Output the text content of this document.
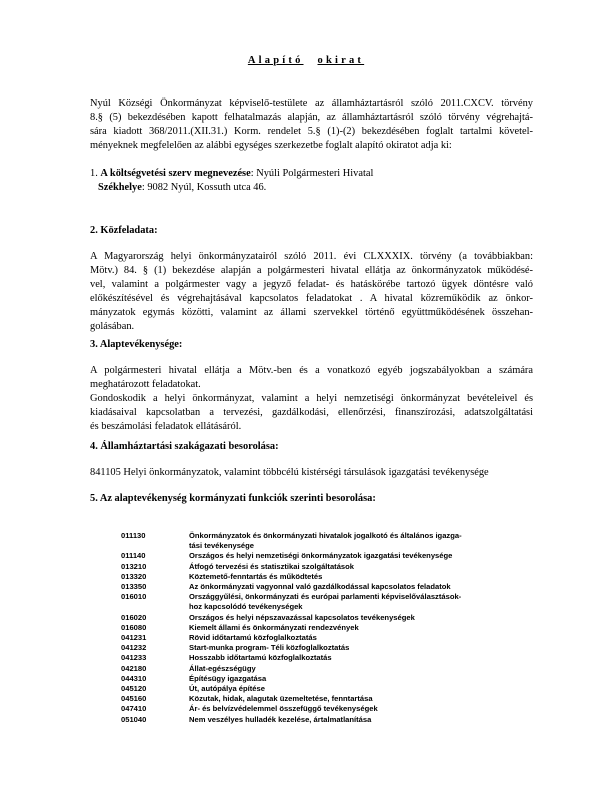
Alapító okirat
Nyúl Községi Önkormányzat képviselő-testülete az államháztartásról szóló 2011.CXCV. törvény
8.§ (5) bekezdésében kapott felhatalmazás alapján, az államháztartásról szóló törvény végrehajtá-
sára kiadott 368/2011.(XII.31.) Korm. rendelet 5.§ (1)-(2) bekezdésében foglalt tartalmi követel-
ményeknek megfelelően az alábbi egységes szerkezetbe foglalt alapító okiratot adja ki:
1. A költségvetési szerv megnevezése: Nyúli Polgármesteri Hivatal
Székhelye: 9082 Nyúl, Kossuth utca 46.
2. Közfeladata:
A Magyarország helyi önkormányzatairól szóló 2011. évi CLXXXIX. törvény (a továbbiakban:
Mötv.) 84. § (1) bekezdése alapján a polgármesteri hivatal ellátja az önkormányzatok működésé-
vel, valamint a polgármester vagy a jegyző feladat- és hatáskörébe tartozó ügyek döntésre való
előkészítésével és végrehajtásával kapcsolatos feladatokat . A hivatal közreműködik az önkor-
mányzatok egymás közötti, valamint az állami szervekkel történő együttműködésének összehan-
golásában.
3. Alaptevékenysége:
A polgármesteri hivatal ellátja a Mötv.-ben és a vonatkozó egyéb jogszabályokban a számára
meghatározott feladatokat.
Gondoskodik a helyi önkormányzat, valamint a helyi nemzetiségi önkormányzat bevételeivel és
kiadásaival kapcsolatban a tervezési, gazdálkodási, ellenőrzési, finanszírozási, adatszolgáltatási
és beszámolási feladatok ellátásáról.
4. Államháztartási szakágazati besorolása:
841105 Helyi önkormányzatok, valamint többcélú kistérségi társulások igazgatási tevékenysége
5. Az alaptevékenység kormányzati funkciók szerinti besorolása:
011130	Önkormányzatok és önkormányzati hivatalok jogalkotó és általános igazga-
tási tevékenysége
011140	Országos és helyi nemzetiségi önkormányzatok igazgatási tevékenysége
013210	Átfogó tervezési és statisztikai szolgáltatások
013320	Köztemető-fenntartás és működtetés
013350	Az önkormányzati vagyonnal való gazdálkodással kapcsolatos feladatok
016010	Országgyűlési, önkormányzati és európai parlamenti képviselőválasztások-
hoz kapcsolódó tevékenységek
016020	Országos és helyi népszavazással kapcsolatos tevékenységek
016080	Kiemelt állami és önkormányzati rendezvények
041231	Rövid időtartamú közfoglalkoztatás
041232	Start-munka program- Téli közfoglalkoztatás
041233	Hosszabb időtartamú közfoglalkoztatás
042180	Állat-egészségügy
044310	Építésügy igazgatása
045120	Út, autópálya építése
045160	Közutak, hidak, alagutak üzemeltetése, fenntartása
047410	Ár- és belvízvédelemmel összefüggő tevékenységek
051040	Nem veszélyes hulladék kezelése, ártalmatlanítása
